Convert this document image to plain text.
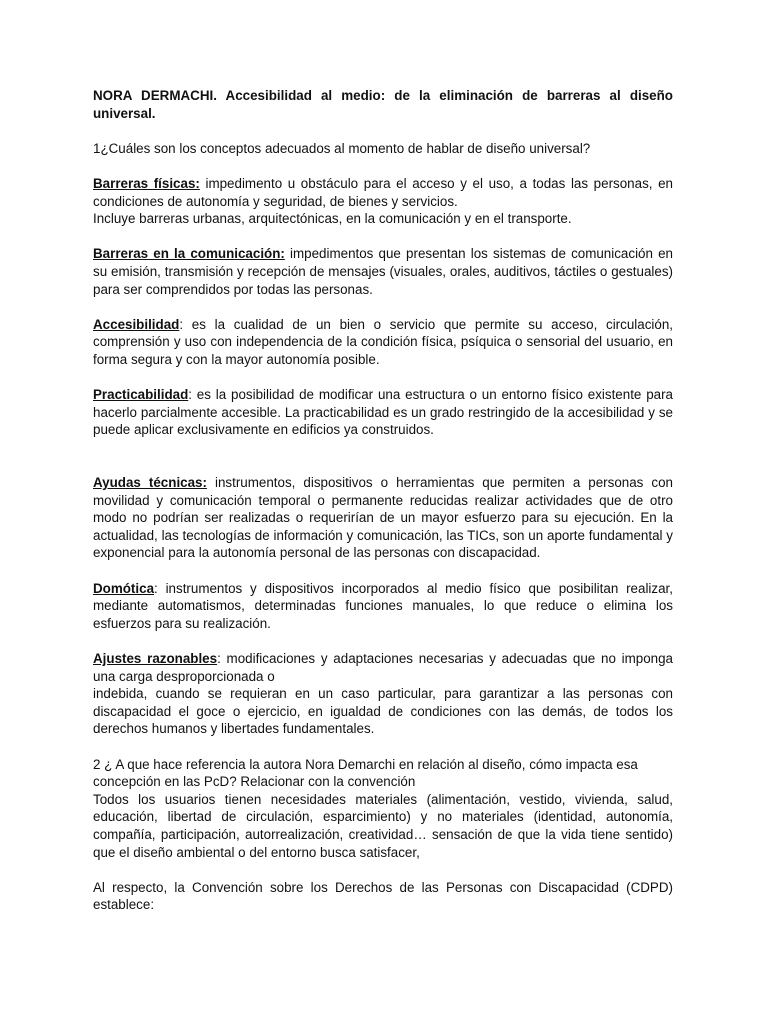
NORA DERMACHI. Accesibilidad al medio: de la eliminación de barreras al diseño universal.

1¿Cuáles son los conceptos adecuados al momento de hablar de diseño universal?

Barreras físicas: impedimento u obstáculo para el acceso y el uso, a todas las personas, en condiciones de autonomía y seguridad, de bienes y servicios.

Incluye barreras urbanas, arquitectónicas, en la comunicación y en el transporte.

Barreras en la comunicación: impedimentos que presentan los sistemas de comunicación en su emisión, transmisión y recepción de mensajes (visuales, orales, auditivos, táctiles o gestuales) para ser comprendidos por todas las personas.

Accesibilidad: es la cualidad de un bien o servicio que permite su acceso, circulación, comprensión y uso con independencia de la condición física, psíquica o sensorial del usuario, en forma segura y con la mayor autonomía posible.

Practicabilidad: es la posibilidad de modificar una estructura o un entorno físico existente para hacerlo parcialmente accesible. La practicabilidad es un grado restringido de la accesibilidad y se puede aplicar exclusivamente en edificios ya construidos.

Ayudas técnicas: instrumentos, dispositivos o herramientas que permiten a personas con movilidad y comunicación temporal o permanente reducidas realizar actividades que de otro modo no podrían ser realizadas o requerirían de un mayor esfuerzo para su ejecución. En la actualidad, las tecnologías de información y comunicación, las TICs, son un aporte fundamental y exponencial para la autonomía personal de las personas con discapacidad.

Domótica: instrumentos y dispositivos incorporados al medio físico que posibilitan realizar, mediante automatismos, determinadas funciones manuales, lo que reduce o elimina los esfuerzos para su realización.

Ajustes razonables: modificaciones y adaptaciones necesarias y adecuadas que no imponga una carga desproporcionada o

indebida, cuando se requieran en un caso particular, para garantizar a las personas con discapacidad el goce o ejercicio, en igualdad de condiciones con las demás, de todos los derechos humanos y libertades fundamentales.

2 ¿ A que hace referencia la autora Nora Demarchi en relación al diseño, cómo impacta esa concepción en las PcD? Relacionar con la convención

Todos los usuarios tienen necesidades materiales (alimentación, vestido, vivienda, salud, educación, libertad de circulación, esparcimiento) y no materiales (identidad, autonomía, compañía, participación, autorrealización, creatividad… sensación de que la vida tiene sentido) que el diseño ambiental o del entorno busca satisfacer,

Al respecto, la Convención sobre los Derechos de las Personas con Discapacidad (CDPD) establece:
